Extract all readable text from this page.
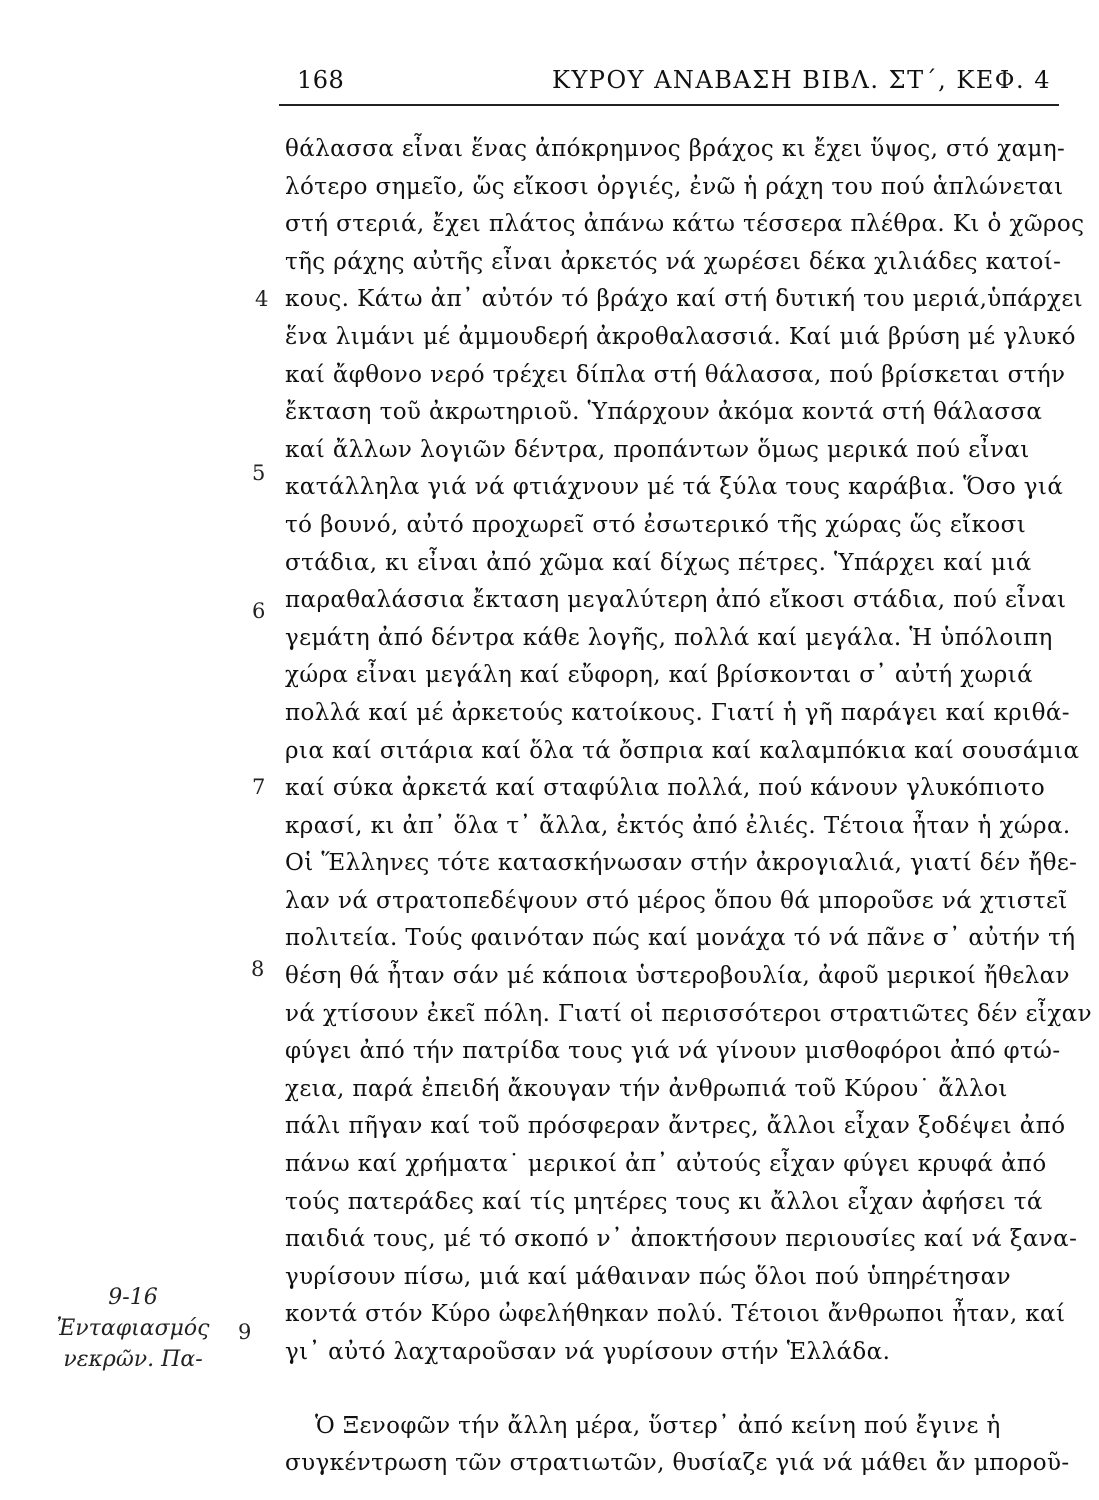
168	ΚΥΡΟΥ ΑΝΑΒΑΣΗ ΒΙΒΛ. ΣΤ΄, ΚΕΦ. 4
θάλασσα εἶναι ἕνας ἀπόκρημνος βράχος κι ἔχει ὕψος, στό χαμη-
λότερο σημεῖο, ὥς εἴκοσι ὀργιές, ἐνῶ ἡ ράχη του πού ἁπλώνεται
στή στεριά, ἔχει πλάτος ἀπάνω κάτω τέσσερα πλέθρα. Κι ὁ χῶρος
τῆς ράχης αὐτῆς εἶναι ἀρκετός νά χωρέσει δέκα χιλιάδες κατοί-
κους. Κάτω ἀπ᾽ αὐτόν τό βράχο καί στή δυτική του μεριά,ὑπάρχει
ἕνα λιμάνι μέ ἀμμουδερή ἀκροθαλασσιά. Καί μιά βρύση μέ γλυκό
καί ἄφθονο νερό τρέχει δίπλα στή θάλασσα, πού βρίσκεται στήν
ἔκταση τοῦ ἀκρωτηριοῦ. Ὑπάρχουν ἀκόμα κοντά στή θάλασσα
καί ἄλλων λογιῶν δέντρα, προπάντων ὅμως μερικά πού εἶναι
κατάλληλα γιά νά φτιάχνουν μέ τά ξύλα τους καράβια. Ὅσο γιά
τό βουνό, αὐτό προχωρεῖ στό ἐσωτερικό τῆς χώρας ὥς εἴκοσι
στάδια, κι εἶναι ἀπό χῶμα καί δίχως πέτρες. Ὑπάρχει καί μιά
παραθαλάσσια ἔκταση μεγαλύτερη ἀπό εἴκοσι στάδια, πού εἶναι
γεμάτη ἀπό δέντρα κάθε λογῆς, πολλά καί μεγάλα. Ἡ ὑπόλοιπη
χώρα εἶναι μεγάλη καί εὔφορη, καί βρίσκονται σ᾽ αὐτή χωριά
πολλά καί μέ ἀρκετούς κατοίκους. Γιατί ἡ γῆ παράγει καί κριθά-
ρια καί σιτάρια καί ὅλα τά ὄσπρια καί καλαμπόκια καί σουσάμια
καί σύκα ἀρκετά καί σταφύλια πολλά, πού κάνουν γλυκόπιοτο
κρασί, κι ἀπ᾽ ὅλα τ᾽ ἄλλα, ἐκτός ἀπό ἐλιές. Τέτοια ἦταν ἡ χώρα.
Οἱ Ἕλληνες τότε κατασκήνωσαν στήν ἀκρογιαλιά, γιατί δέν ἤθε-
λαν νά στρατοπεδέψουν στό μέρος ὅπου θά μποροῦσε νά χτιστεῖ
πολιτεία. Τούς φαινόταν πώς καί μονάχα τό νά πᾶνε σ᾽ αὐτήν τή
θέση θά ἦταν σάν μέ κάποια ὑστεροβουλία, ἀφοῦ μερικοί ἤθελαν
νά χτίσουν ἐκεῖ πόλη. Γιατί οἱ περισσότεροι στρατιῶτες δέν εἶχαν
φύγει ἀπό τήν πατρίδα τους γιά νά γίνουν μισθοφόροι ἀπό φτώ-
χεια, παρά ἐπειδή ἄκουγαν τήν ἀνθρωπιά τοῦ Κύρου˙ ἄλλοι
πάλι πῆγαν καί τοῦ πρόσφεραν ἄντρες, ἄλλοι εἶχαν ξοδέψει ἀπό
πάνω καί χρήματα˙ μερικοί ἀπ᾽ αὐτούς εἶχαν φύγει κρυφά ἀπό
τούς πατεράδες καί τίς μητέρες τους κι ἄλλοι εἶχαν ἀφήσει τά
παιδιά τους, μέ τό σκοπό ν᾽ ἀποκτήσουν περιουσίες καί νά ξανα-
γυρίσουν πίσω, μιά καί μάθαιναν πώς ὅλοι πού ὑπηρέτησαν
κοντά στόν Κύρο ὠφελήθηκαν πολύ. Τέτοιοι ἄνθρωποι ἦταν, καί
γι᾽ αὐτό λαχταροῦσαν νά γυρίσουν στήν Ἑλλάδα.
Ὁ Ξενοφῶν τήν ἄλλη μέρα, ὕστερ᾽ ἀπό κείνη πού ἔγινε ἡ
συγκέντρωση τῶν στρατιωτῶν, θυσίαζε γιά νά μάθει ἄν μποροῦ-
4
5
6
7
8
9
9-16
Ἐνταφιασμός
νεκρῶν. Πα-
